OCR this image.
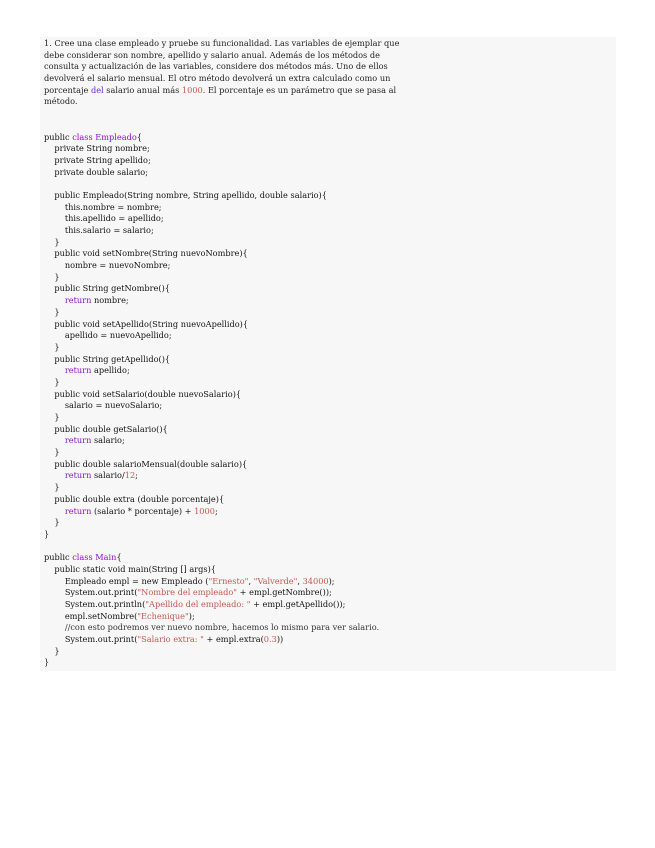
1. Cree una clase empleado y pruebe su funcionalidad. Las variables de ejemplar que
debe considerar son nombre, apellido y salario anual. Además de los métodos de
consulta y actualización de las variables, considere dos métodos más. Uno de ellos
devolverá el salario mensual. El otro método devolverá un extra calculado como un
porcentaje del salario anual más 1000. El porcentaje es un parámetro que se pasa al
método.
public class Empleado{
private String nombre;
private String apellido;
private double salario;
public Empleado(String nombre, String apellido, double salario){
this.nombre = nombre;
this.apellido = apellido;
this.salario = salario;
}
public void setNombre(String nuevoNombre){
nombre = nuevoNombre;
}
public String getNombre(){
return nombre;
}
public void setApellido(String nuevoApellido){
apellido = nuevoApellido;
}
public String getApellido(){
return apellido;
}
public void setSalario(double nuevoSalario){
salario = nuevoSalario;
}
public double getSalario(){
return salario;
}
public double salarioMensual(double salario){
return salario/12;
}
public double extra (double porcentaje){
return (salario * porcentaje) + 1000;
}
}
public class Main{
public static void main(String [] args){
Empleado empl = new Empleado ("Ernesto", "Valverde", 34000);
System.out.print("Nombre del empleado" + empl.getNombre());
System.out.println("Apellido del empleado: " + empl.getApellido());
empl.setNombre("Echenique");
//con esto podremos ver nuevo nombre, hacemos lo mismo para ver salario.
System.out.print("Salario extra: " + empl.extra(0.3))
}
}
